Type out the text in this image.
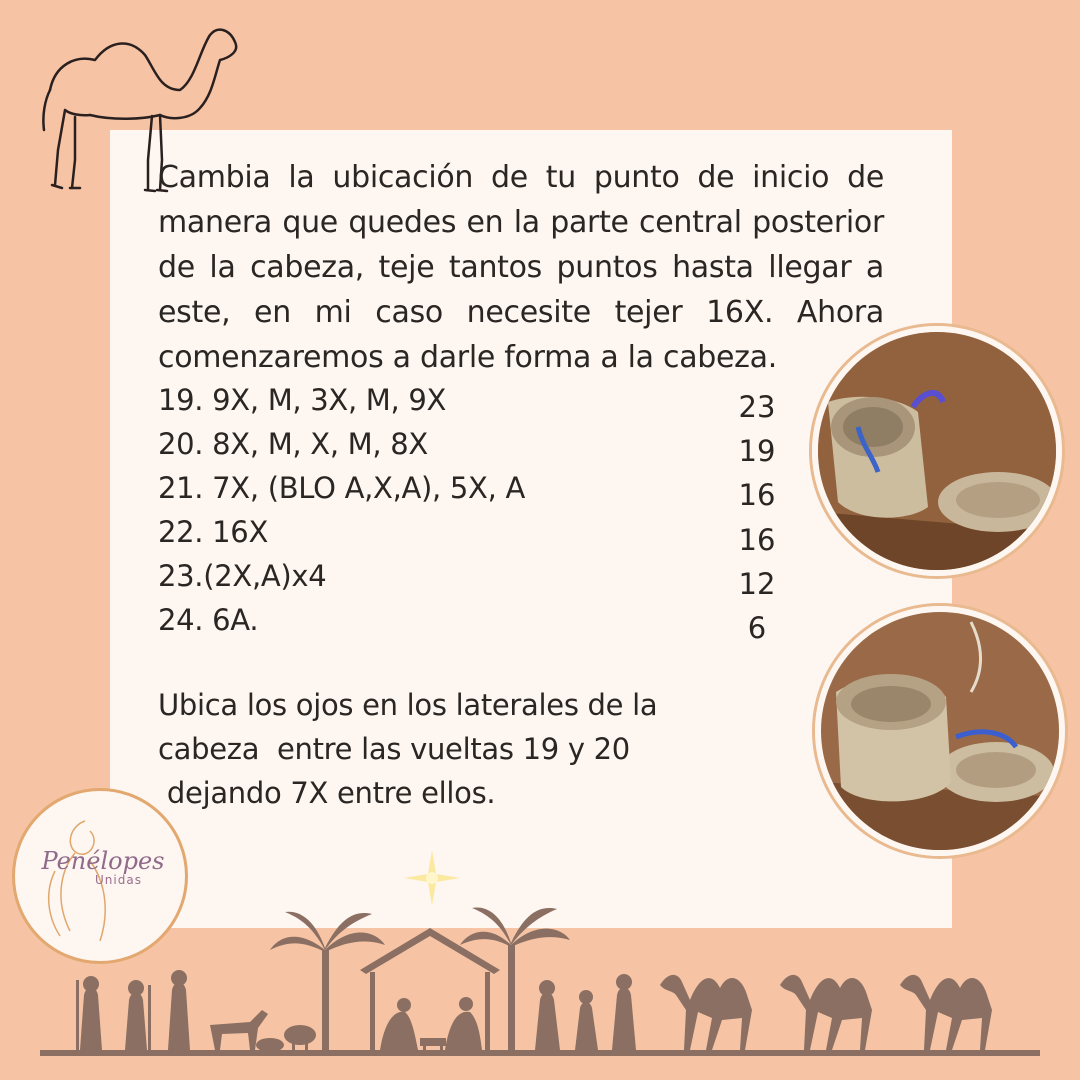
Cambia la ubicación de tu punto de inicio de manera que quedes en la parte central posterior de la cabeza, teje tantos puntos hasta llegar a este, en mi caso necesite tejer 16X. Ahora comenzaremos a darle forma a la cabeza.
19. 9X, M, 3X, M, 9X
20. 8X, M, X, M, 8X
21. 7X, (BLO A,X,A), 5X, A
22. 16X
23.(2X,A)x4
24. 6A.
23
19
16
16
12
6
Ubica los ojos en los laterales de la
cabeza  entre las vueltas 19 y 20
dejando 7X entre ellos.
Penélopes
Unidas
